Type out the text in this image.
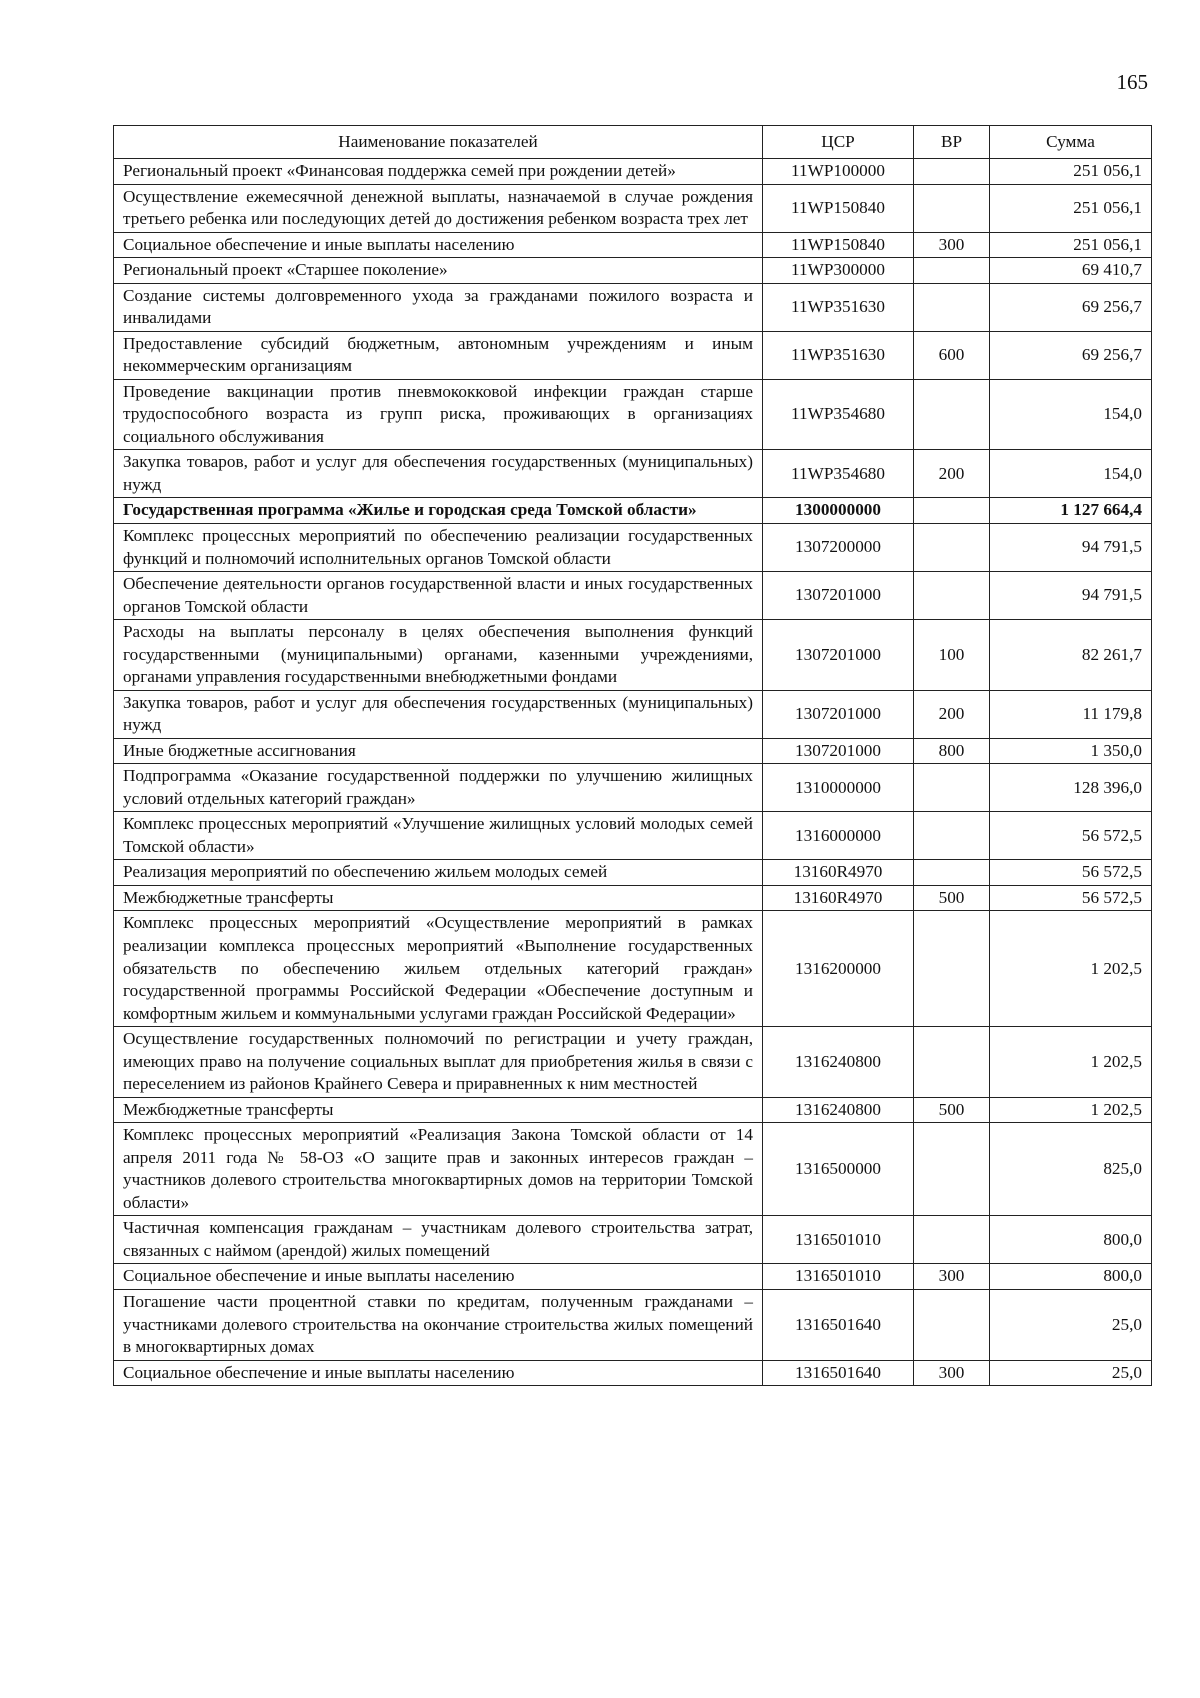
165
Наименование показателей	ЦСР	ВР	Сумма
Региональный проект «Финансовая поддержка семей при рождении детей»	11WP100000		251 056,1
Осуществление ежемесячной денежной выплаты, назначаемой в случае рождения третьего ребенка или последующих детей до достижения ребенком возраста трех лет	11WP150840		251 056,1
Социальное обеспечение и иные выплаты населению	11WP150840	300	251 056,1
Региональный проект «Старшее поколение»	11WP300000		69 410,7
Создание системы долговременного ухода за гражданами пожилого возраста и инвалидами	11WP351630		69 256,7
Предоставление субсидий бюджетным, автономным учреждениям и иным некоммерческим организациям	11WP351630	600	69 256,7
Проведение вакцинации против пневмококковой инфекции граждан старше трудоспособного возраста из групп риска, проживающих в организациях социального обслуживания	11WP354680		154,0
Закупка товаров, работ и услуг для обеспечения государственных (муниципальных) нужд	11WP354680	200	154,0
Государственная программа «Жилье и городская среда Томской области»	1300000000		1 127 664,4
Комплекс процессных мероприятий по обеспечению реализации государственных функций и полномочий исполнительных органов Томской области	1307200000		94 791,5
Обеспечение деятельности органов государственной власти и иных государственных органов Томской области	1307201000		94 791,5
Расходы на выплаты персоналу в целях обеспечения выполнения функций государственными (муниципальными) органами, казенными учреждениями, органами управления государственными внебюджетными фондами	1307201000	100	82 261,7
Закупка товаров, работ и услуг для обеспечения государственных (муниципальных) нужд	1307201000	200	11 179,8
Иные бюджетные ассигнования	1307201000	800	1 350,0
Подпрограмма «Оказание государственной поддержки по улучшению жилищных условий отдельных категорий граждан»	1310000000		128 396,0
Комплекс процессных мероприятий «Улучшение жилищных условий молодых семей Томской области»	1316000000		56 572,5
Реализация мероприятий по обеспечению жильем молодых семей	13160R4970		56 572,5
Межбюджетные трансферты	13160R4970	500	56 572,5
Комплекс процессных мероприятий «Осуществление мероприятий в рамках реализации комплекса процессных мероприятий «Выполнение государственных обязательств по обеспечению жильем отдельных категорий граждан» государственной программы Российской Федерации «Обеспечение доступным и комфортным жильем и коммунальными услугами граждан Российской Федерации»	1316200000		1 202,5
Осуществление государственных полномочий по регистрации и учету граждан, имеющих право на получение социальных выплат для приобретения жилья в связи с переселением из районов Крайнего Севера и приравненных к ним местностей	1316240800		1 202,5
Межбюджетные трансферты	1316240800	500	1 202,5
Комплекс процессных мероприятий «Реализация Закона Томской области от 14 апреля 2011 года № 58-ОЗ «О защите прав и законных интересов граждан – участников долевого строительства многоквартирных домов на территории Томской области»	1316500000		825,0
Частичная компенсация гражданам – участникам долевого строительства затрат, связанных с наймом (арендой) жилых помещений	1316501010		800,0
Социальное обеспечение и иные выплаты населению	1316501010	300	800,0
Погашение части процентной ставки по кредитам, полученным гражданами – участниками долевого строительства на окончание строительства жилых помещений в многоквартирных домах	1316501640		25,0
Социальное обеспечение и иные выплаты населению	1316501640	300	25,0
